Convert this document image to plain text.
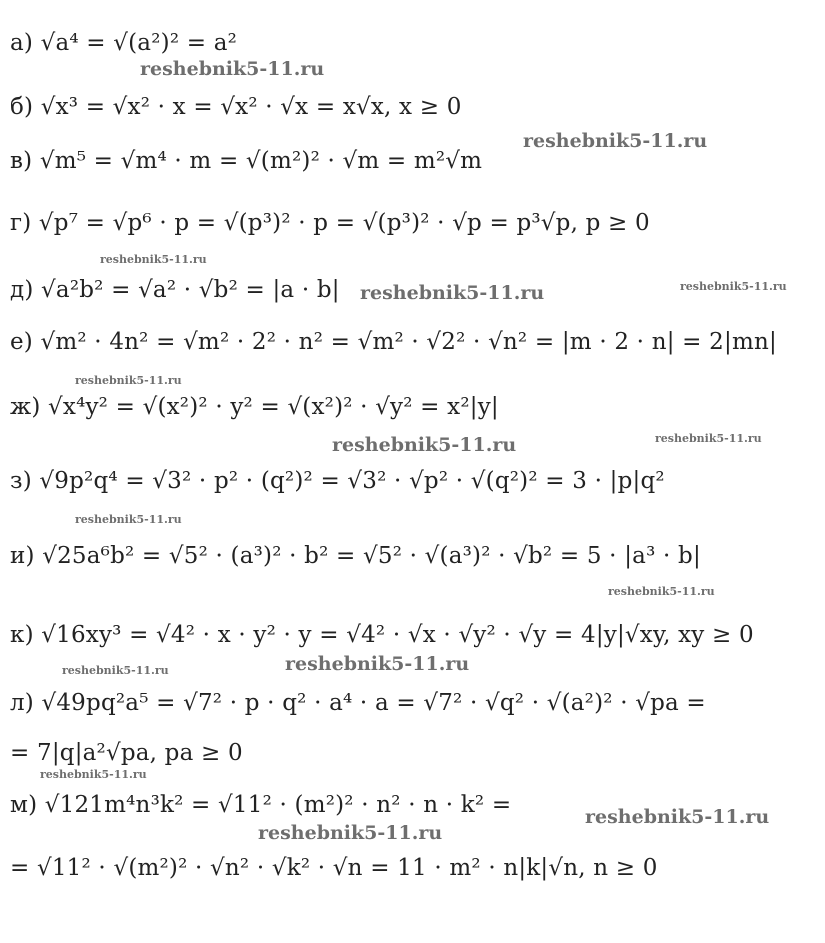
а) √a⁴ = √(a²)² = a²
б) √x³ = √x² · x = √x² · √x = x√x, x ≥ 0
в) √m⁵ = √m⁴ · m = √(m²)² · √m = m²√m
г) √p⁷ = √p⁶ · p = √(p³)² · p = √(p³)² · √p = p³√p, p ≥ 0
д) √a²b² = √a² · √b² = |a · b|
е) √m² · 4n² = √m² · 2² · n² = √m² · √2² · √n² = |m · 2 · n| = 2|mn|
ж) √x⁴y² = √(x²)² · y² = √(x²)² · √y² = x²|y|
з) √9p²q⁴ = √3² · p² · (q²)² = √3² · √p² · √(q²)² = 3 · |p|q²
и) √25a⁶b² = √5² · (a³)² · b² = √5² · √(a³)² · √b² = 5 · |a³ · b|
к) √16xy³ = √4² · x · y² · y = √4² · √x · √y² · √y = 4|y|√xy, xy ≥ 0
л) √49pq²a⁵ = √7² · p · q² · a⁴ · a = √7² · √q² · √(a²)² · √pa =
= 7|q|a²√pa, pa ≥ 0
м) √121m⁴n³k² = √11² · (m²)² · n² · n · k² =
= √11² · √(m²)² · √n² · √k² · √n = 11 · m² · n|k|√n, n ≥ 0
reshebnik5-11.ru
reshebnik5-11.ru
reshebnik5-11.ru
reshebnik5-11.ru	reshebnik5-11.ru
reshebnik5-11.ru
reshebnik5-11.ru	reshebnik5-11.ru
reshebnik5-11.ru
reshebnik5-11.ru
reshebnik5-11.ru
reshebnik5-11.ru
reshebnik5-11.ru
reshebnik5-11.ru
reshebnik5-11.ru
